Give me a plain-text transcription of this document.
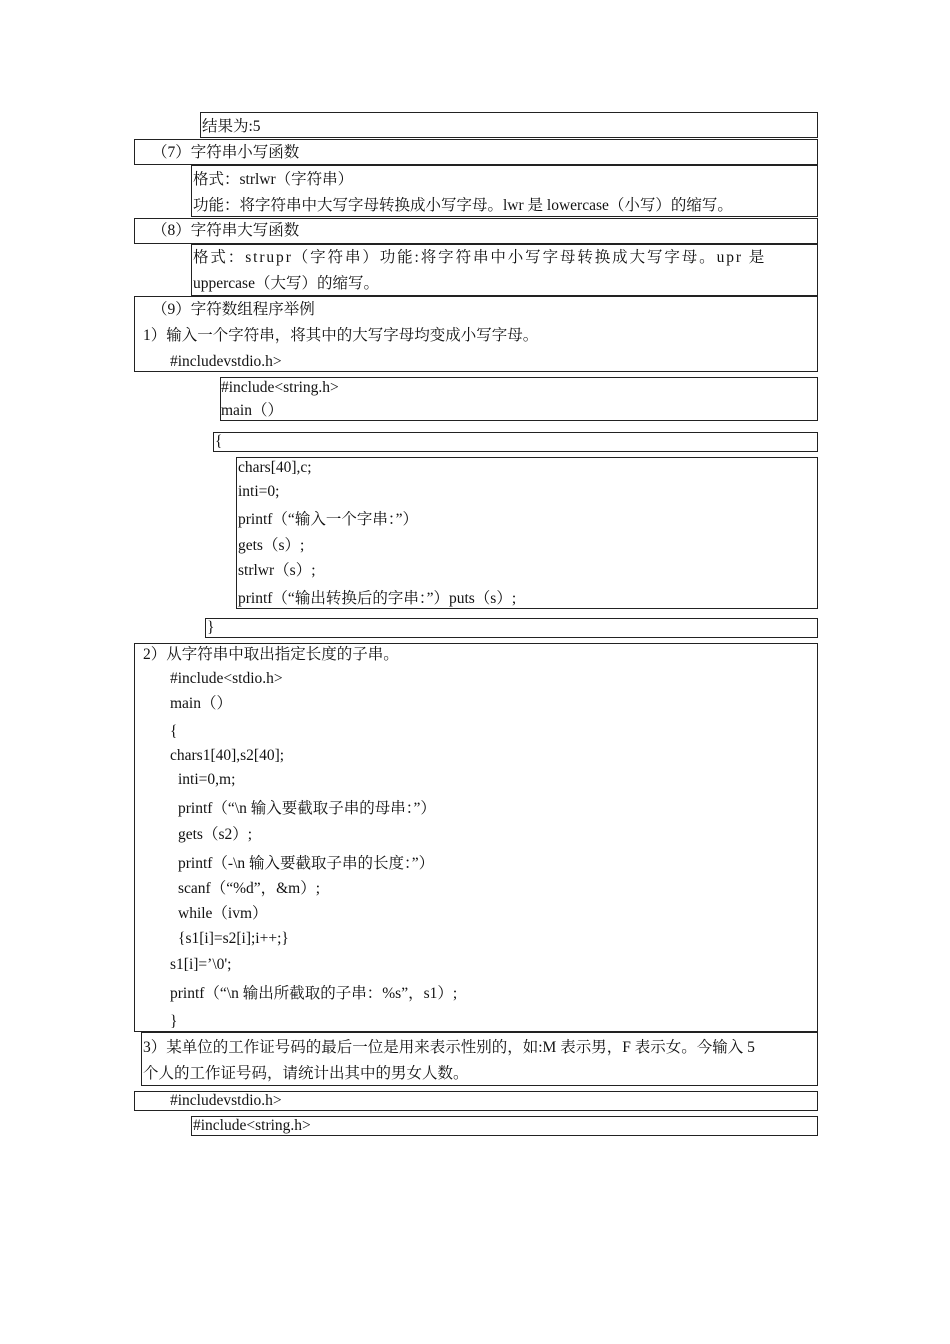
结果为:5
（7）字符串小写函数
格式：strlwr（字符串）
功能：将字符串中大写字母转换成小写字母。lwr 是 lowercase（小写）的缩写。
（8）字符串大写函数
格式：strupr（字符串）功能:将字符串中小写字母转换成大写字母。upr 是
uppercase（大写）的缩写。
（9）字符数组程序举例
1）输入一个字符串，将其中的大写字母均变成小写字母。
#includevstdio.h>
#include<string.h>
main（）
{
chars[40],c;
inti=0;
printf（“输入一个字串：”）
gets（s）;
strlwr（s）;
printf（“输出转换后的字串：”）puts（s）;
}
2）从字符串中取出指定长度的子串。
#include<stdio.h>
main（）
{
chars1[40],s2[40];
inti=0,m;
printf（“\n 输入要截取子串的母串：”）
gets（s2）;
printf（-\n 输入要截取子串的长度：”）
scanf（“%d”，&m）;
while（ivm）
{s1[i]=s2[i];i++;}
s1[i]=’\0';
printf（“\n 输出所截取的子串：%s”，s1）;
}
3）某单位的工作证号码的最后一位是用来表示性别的，如:M 表示男，F 表示女。今输入 5
个人的工作证号码，请统计出其中的男女人数。
#includevstdio.h>
#include<string.h>
